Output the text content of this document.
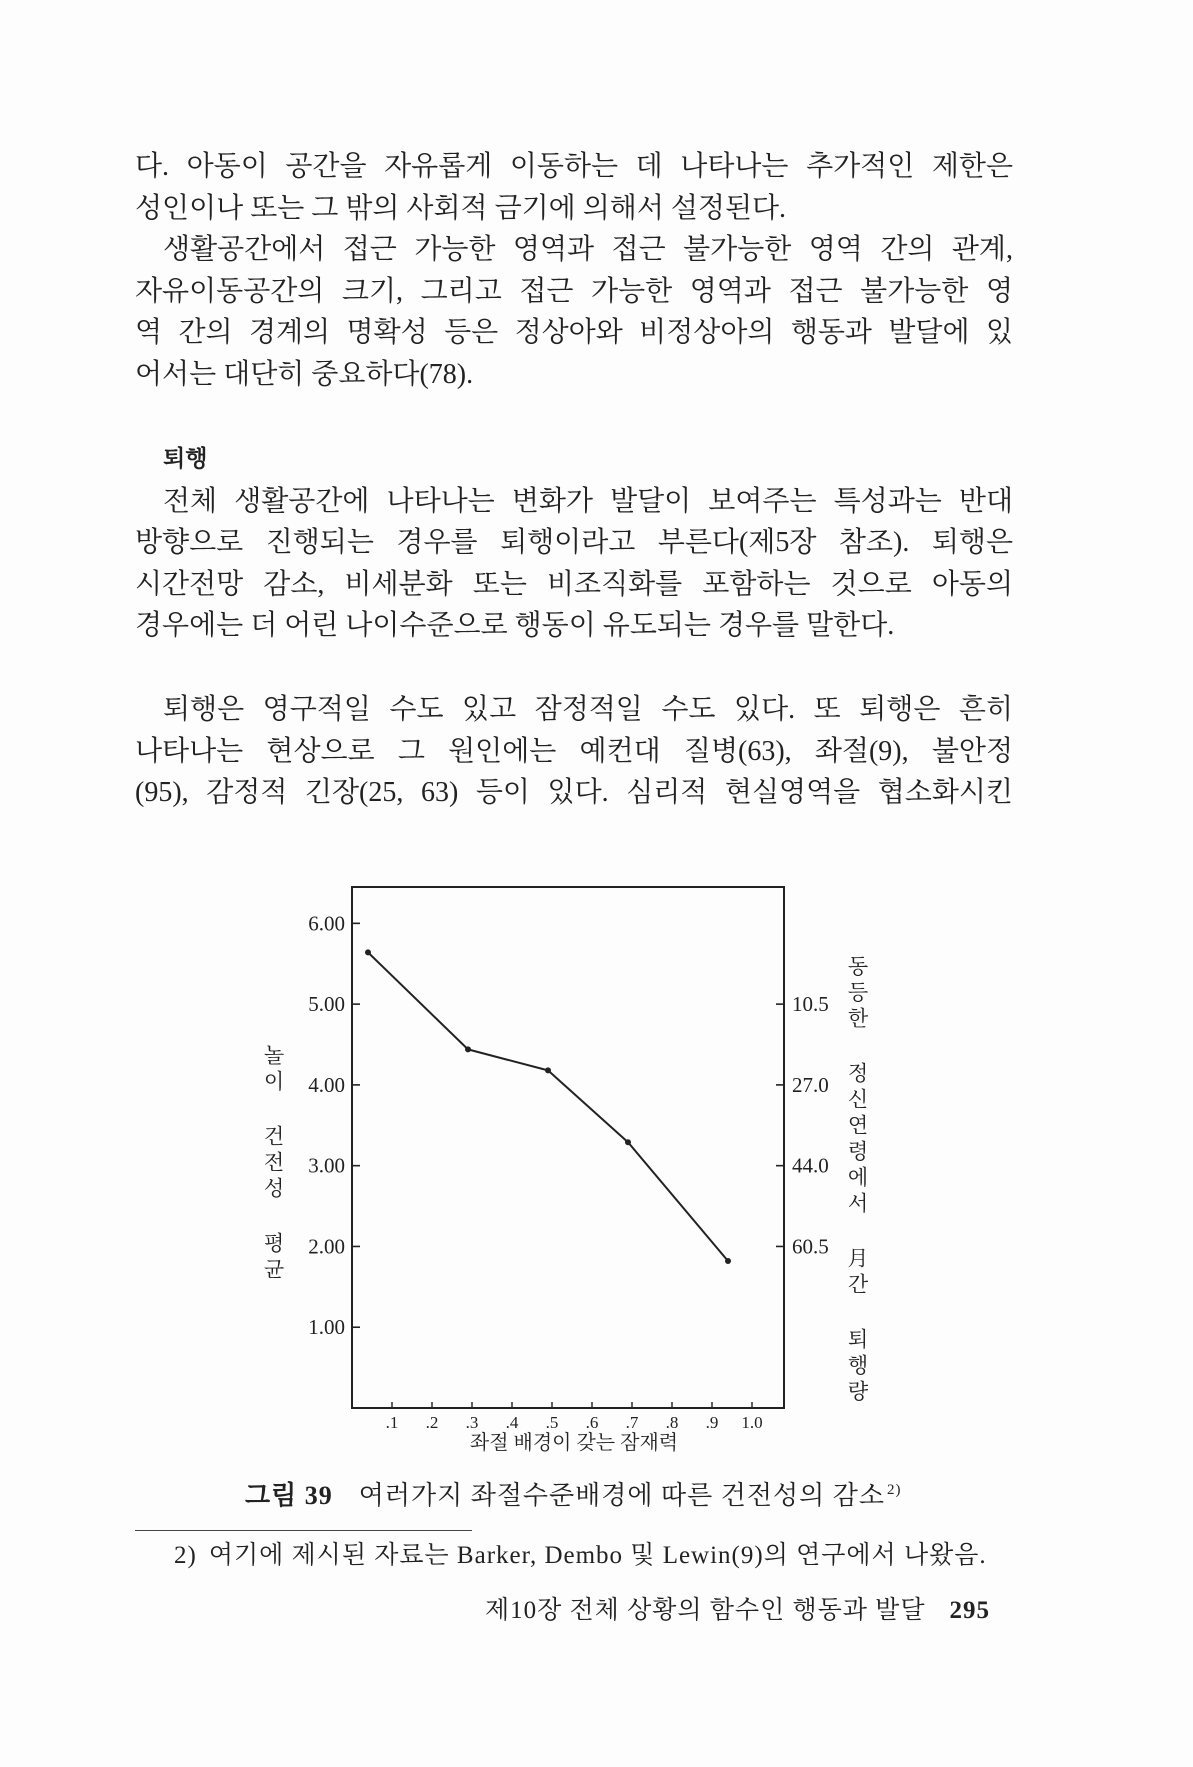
다. 아동이 공간을 자유롭게 이동하는 데 나타나는 추가적인 제한은
성인이나 또는 그 밖의 사회적 금기에 의해서 설정된다.
생활공간에서 접근 가능한 영역과 접근 불가능한 영역 간의 관계,
자유이동공간의 크기, 그리고 접근 가능한 영역과 접근 불가능한 영
역 간의 경계의 명확성 등은 정상아와 비정상아의 행동과 발달에 있
어서는 대단히 중요하다(78).
퇴행
전체 생활공간에 나타나는 변화가 발달이 보여주는 특성과는 반대
방향으로 진행되는 경우를 퇴행이라고 부른다(제5장 참조). 퇴행은
시간전망 감소, 비세분화 또는 비조직화를 포함하는 것으로 아동의
경우에는 더 어린 나이수준으로 행동이 유도되는 경우를 말한다.
퇴행은 영구적일 수도 있고 잠정적일 수도 있다. 또 퇴행은 흔히
나타나는 현상으로 그 원인에는 예컨대 질병(63), 좌절(9), 불안정
(95), 감정적 긴장(25, 63) 등이 있다. 심리적 현실영역을 협소화시킨
6.00
5.00
4.00
3.00
2.00
1.00
10.5
27.0
44.0
60.5
.1 .2 .3 .4 .5 .6 .7 .8 .9 1.0
좌절 배경이 갖는 잠재력
놀이 건전성 평균	동등한 정신연령에서 月간 퇴행량
그림 39 여러가지 좌절수준배경에 따른 건전성의 감소 $^{2)}$
2) 여기에 제시된 자료는 Barker, Dembo 및 Lewin(9)의 연구에서 나왔음.
제10장 전체 상황의 함수인 행동과 발달 295
